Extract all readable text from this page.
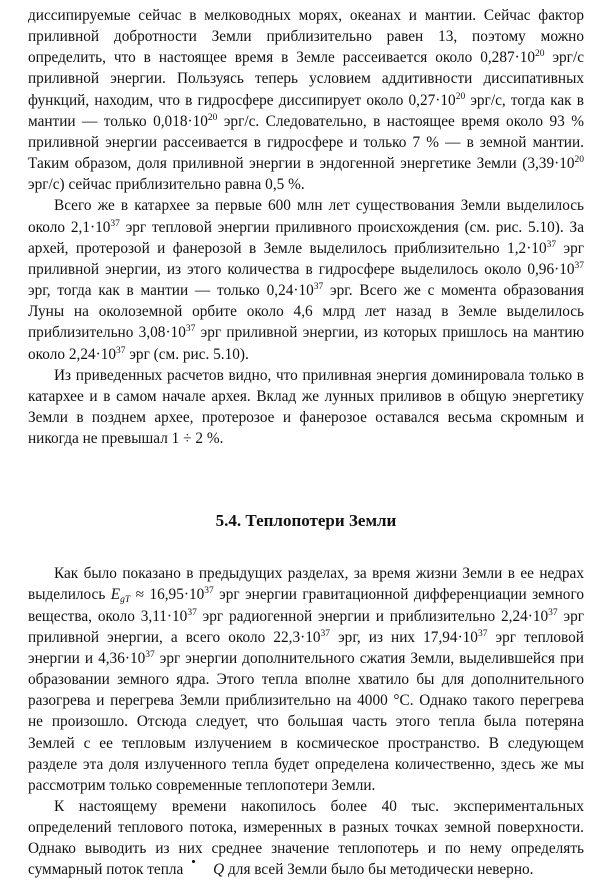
диссипируемые сейчас в мелководных морях, океанах и мантии. Сейчас фактор приливной добротности Земли приблизительно равен 13, поэтому можно определить, что в настоящее время в Земле рассеивается около $0,287\cdot 10^{20}$ эрг/с приливной энергии. Пользуясь теперь условием аддитивности диссипативных функций, находим, что в гидросфере диссипирует около $0,27\cdot 10^{20}$ эрг/с, тогда как в мантии — только $0,018\cdot 10^{20}$ эрг/с. Следовательно, в настоящее время около 93 % приливной энергии рассеивается в гидросфере и только 7 % — в земной мантии. Таким образом, доля приливной энергии в эндогенной энергетике Земли ($3,39\cdot 10^{20}$ эрг/с) сейчас приблизительно равна 0,5 %.

Всего же в катархее за первые 600 млн лет существования Земли выделилось около $2,1\cdot 10^{37}$ эрг тепловой энергии приливного происхождения (см. рис. 5.10). За архей, протерозой и фанерозой в Земле выделилось приблизительно $1,2\cdot 10^{37}$ эрг приливной энергии, из этого количества в гидросфере выделилось около $0,96\cdot 10^{37}$ эрг, тогда как в мантии — только $0,24\cdot 10^{37}$ эрг. Всего же с момента образования Луны на околоземной орбите около 4,6 млрд лет назад в Земле выделилось приблизительно $3,08\cdot 10^{37}$ эрг приливной энергии, из которых пришлось на мантию около $2,24\cdot 10^{37}$ эрг (см. рис. 5.10).

Из приведенных расчетов видно, что приливная энергия доминировала только в катархее и в самом начале архея. Вклад же лунных приливов в общую энергетику Земли в позднем архее, протерозое и фанерозое оставался весьма скромным и никогда не превышал 1 ÷ 2 %.

5.4. Теплопотери Земли

Как было показано в предыдущих разделах, за время жизни Земли в ее недрах выделилось $E_{gT} \approx 16,95\cdot 10^{37}$ эрг энергии гравитационной дифференциации земного вещества, около $3,11\cdot 10^{37}$ эрг радиогенной энергии и приблизительно $2,24\cdot 10^{37}$ эрг приливной энергии, а всего около $22,3\cdot 10^{37}$ эрг, из них $17,94\cdot 10^{37}$ эрг тепловой энергии и $4,36\cdot 10^{37}$ эрг энергии дополнительного сжатия Земли, выделившейся при образовании земного ядра. Этого тепла вполне хватило бы для дополнительного разогрева и перегрева Земли приблизительно на 4000 °C. Однако такого перегрева не произошло. Отсюда следует, что большая часть этого тепла была потеряна Землей с ее тепловым излучением в космическое пространство. В следующем разделе эта доля излученного тепла будет определена количественно, здесь же мы рассмотрим только современные теплопотери Земли.

К настоящему времени накопилось более 40 тыс. экспериментальных определений теплового потока, измеренных в разных точках земной поверхности. Однако выводить из них среднее значение теплопотерь и по нему определять суммарный поток тепла Q для всей Земли было бы методически неверно.
